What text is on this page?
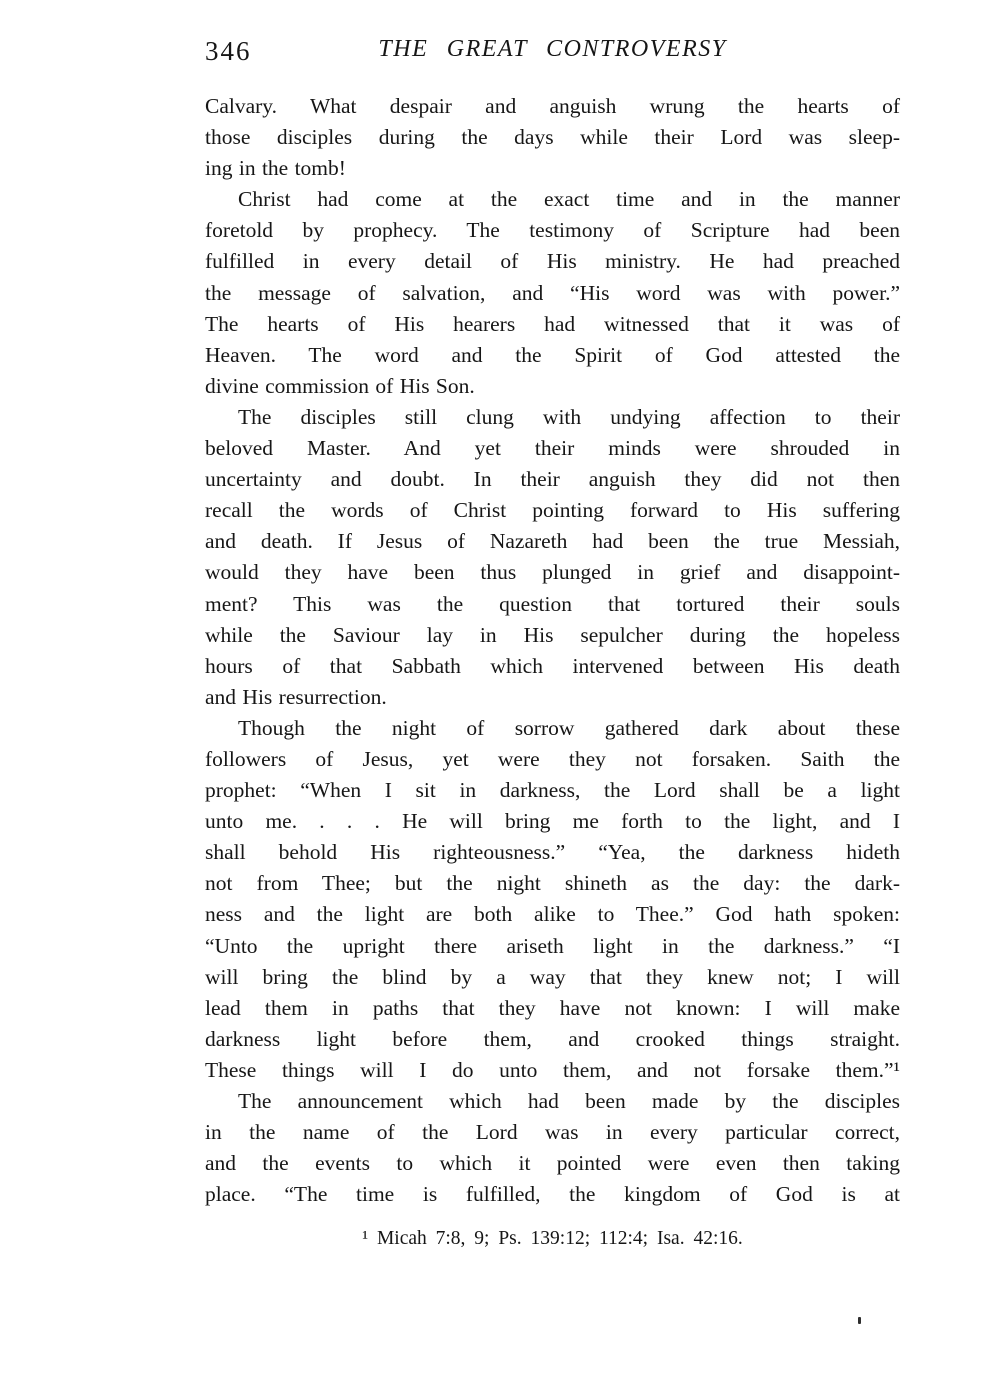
346	THE GREAT CONTROVERSY
Calvary. What despair and anguish wrung the hearts of
those disciples during the days while their Lord was sleep-
ing in the tomb!
Christ had come at the exact time and in the manner
foretold by prophecy. The testimony of Scripture had been
fulfilled in every detail of His ministry. He had preached
the message of salvation, and “His word was with power.”
The hearts of His hearers had witnessed that it was of
Heaven. The word and the Spirit of God attested the
divine commission of His Son.
The disciples still clung with undying affection to their
beloved Master. And yet their minds were shrouded in
uncertainty and doubt. In their anguish they did not then
recall the words of Christ pointing forward to His suffering
and death. If Jesus of Nazareth had been the true Messiah,
would they have been thus plunged in grief and disappoint-
ment? This was the question that tortured their souls
while the Saviour lay in His sepulcher during the hopeless
hours of that Sabbath which intervened between His death
and His resurrection.
Though the night of sorrow gathered dark about these
followers of Jesus, yet were they not forsaken. Saith the
prophet: “When I sit in darkness, the Lord shall be a light
unto me. . . . He will bring me forth to the light, and I
shall behold His righteousness.” “Yea, the darkness hideth
not from Thee; but the night shineth as the day: the dark-
ness and the light are both alike to Thee.” God hath spoken:
“Unto the upright there ariseth light in the darkness.” “I
will bring the blind by a way that they knew not; I will
lead them in paths that they have not known: I will make
darkness light before them, and crooked things straight.
These things will I do unto them, and not forsake them.”¹
The announcement which had been made by the disciples
in the name of the Lord was in every particular correct,
and the events to which it pointed were even then taking
place. “The time is fulfilled, the kingdom of God is at
¹ Micah 7:8, 9; Ps. 139:12; 112:4; Isa. 42:16.
